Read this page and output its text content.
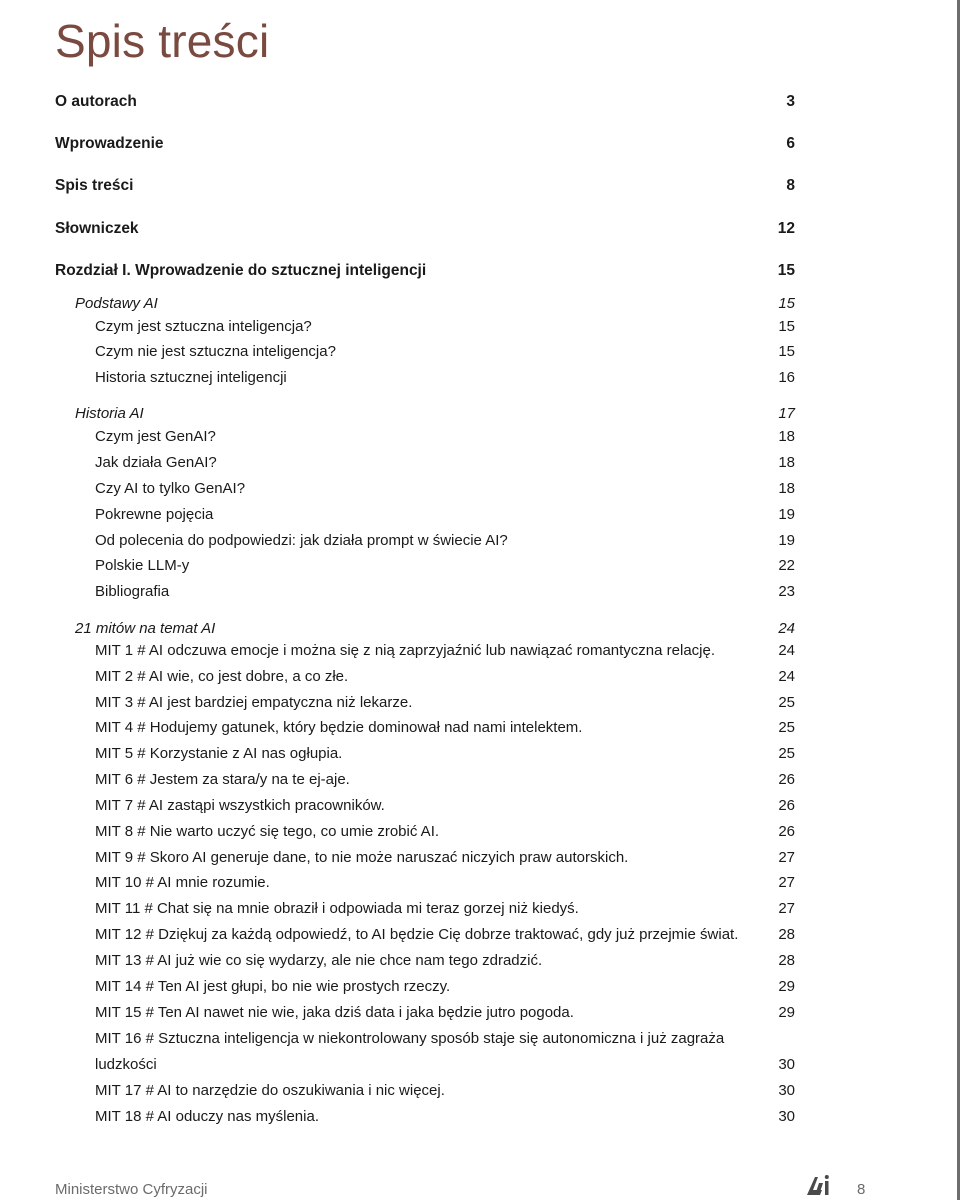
Spis treści
O autorach	3
Wprowadzenie	6
Spis treści	8
Słowniczek	12
Rozdział I. Wprowadzenie do sztucznej inteligencji	15
Podstawy AI	15
Czym jest sztuczna inteligencja?	15
Czym nie jest sztuczna inteligencja?	15
Historia sztucznej inteligencji	16
Historia AI	17
Czym jest GenAI?	18
Jak działa GenAI?	18
Czy AI to tylko GenAI?	18
Pokrewne pojęcia	19
Od polecenia do podpowiedzi: jak działa prompt w świecie AI?	19
Polskie LLM-y	22
Bibliografia	23
21 mitów na temat AI	24
MIT 1 # AI odczuwa emocje i można się z nią zaprzyjaźnić lub nawiązać romantyczna relację.	24
MIT 2 # AI wie, co jest dobre, a co złe.	24
MIT 3 # AI jest bardziej empatyczna niż lekarze.	25
MIT 4 # Hodujemy gatunek, który będzie dominował nad nami intelektem.	25
MIT 5 # Korzystanie z AI nas ogłupia.	25
MIT 6 # Jestem za stara/y na te ej-aje.	26
MIT 7 # AI zastąpi wszystkich pracowników.	26
MIT 8 # Nie warto uczyć się tego, co umie zrobić AI.	26
MIT 9 # Skoro AI generuje dane, to nie może naruszać niczyich praw autorskich.	27
MIT 10 # AI mnie rozumie.	27
MIT 11 # Chat się na mnie obraził i odpowiada mi teraz gorzej niż kiedyś.	27
MIT 12 # Dziękuj za każdą odpowiedź, to AI będzie Cię dobrze traktować, gdy już przejmie świat.	28
MIT 13 # AI już wie co się wydarzy, ale nie chce nam tego zdradzić.	28
MIT 14 # Ten AI jest głupi, bo nie wie prostych rzeczy.	29
MIT 15 # Ten AI nawet nie wie, jaka dziś data i jaka będzie jutro pogoda.	29
MIT 16 # Sztuczna inteligencja w niekontrolowany sposób staje się autonomiczna i już zagraża
ludzkości	30
MIT 17 # AI to narzędzie do oszukiwania i nic więcej.	30
MIT 18 # AI oduczy nas myślenia.	30
Ministerstwo Cyfryzacji	8
